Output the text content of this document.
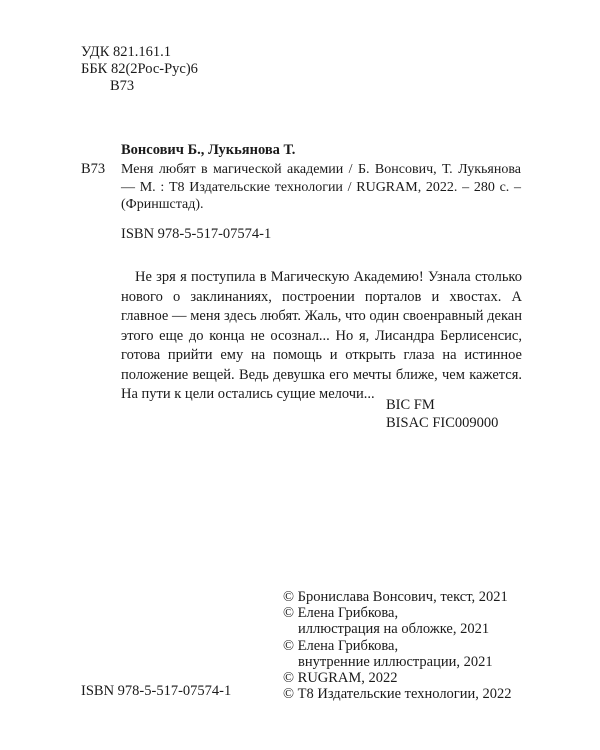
УДК 821.161.1
ББК 82(2Рос-Рус)6
В73
Вонсович Б., Лукьянова Т.
В73 Меня любят в магической академии / Б. Вонсович, Т. Лукьянова — М. : Т8 Издательские технологии / RUGRAM, 2022. – 280 с. – (Фриншстад).
ISBN 978-5-517-07574-1
Не зря я поступила в Магическую Академию! Узнала столько нового о заклинаниях, построении порталов и хвостах. А главное — меня здесь любят. Жаль, что один своенравный декан этого еще до конца не осознал... Но я, Лисандра Берлисенсис, готова прийти ему на помощь и открыть глаза на истинное положение вещей. Ведь девушка его мечты ближе, чем кажется. На пути к цели остались сущие мелочи...
BIC FM
BISAC FIC009000
© Бронислава Вонсович, текст, 2021
© Елена Грибкова,
иллюстрация на обложке, 2021
© Елена Грибкова,
внутренние иллюстрации, 2021
© RUGRAM, 2022
© Т8 Издательские технологии, 2022
ISBN 978-5-517-07574-1
